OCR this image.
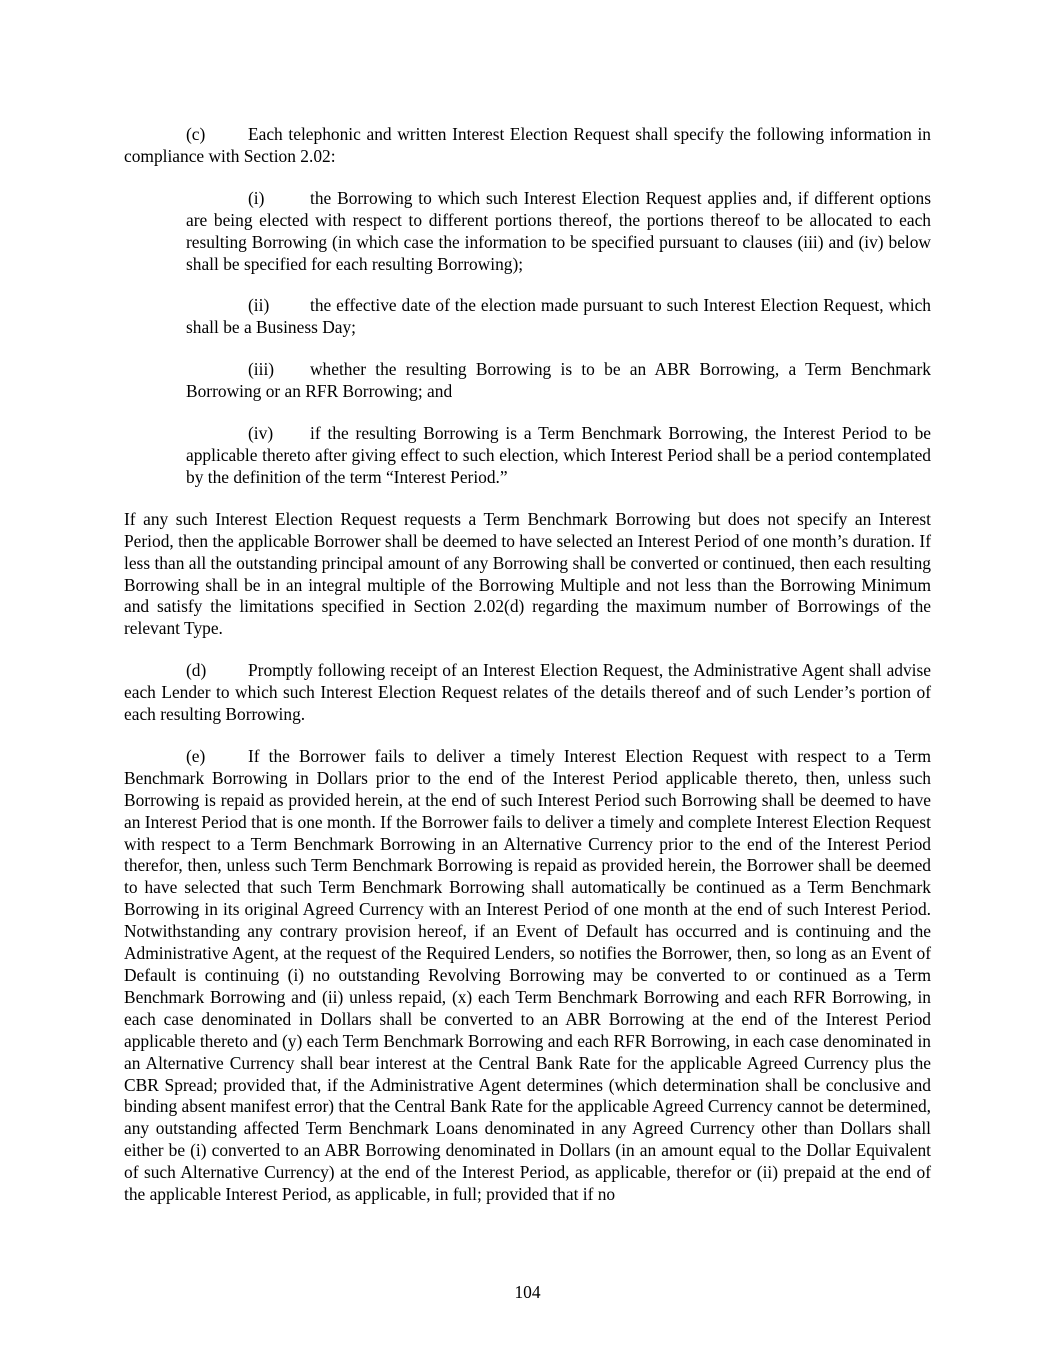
(c) Each telephonic and written Interest Election Request shall specify the following information in compliance with Section 2.02:

(i)	the Borrowing to which such Interest Election Request applies and, if different options are being elected with respect to different portions thereof, the portions thereof to be allocated to each resulting Borrowing (in which case the information to be specified pursuant to clauses (iii) and (iv) below shall be specified for each resulting Borrowing);

(ii) the effective date of the election made pursuant to such Interest Election Request, which shall be a Business Day;

(iii) whether the resulting Borrowing is to be an ABR Borrowing, a Term Benchmark Borrowing or an RFR Borrowing; and

(iv) if the resulting Borrowing is a Term Benchmark Borrowing, the Interest Period to be applicable thereto after giving effect to such election, which Interest Period shall be a period contemplated by the definition of the term “Interest Period.”

If any such Interest Election Request requests a Term Benchmark Borrowing but does not specify an Interest Period, then the applicable Borrower shall be deemed to have selected an Interest Period of one month’s duration. If less than all the outstanding principal amount of any Borrowing shall be converted or continued, then each resulting Borrowing shall be in an integral multiple of the Borrowing Multiple and not less than the Borrowing Minimum and satisfy the limitations specified in Section 2.02(d) regarding the maximum number of Borrowings of the relevant Type.

(d) Promptly following receipt of an Interest Election Request, the Administrative Agent shall advise each Lender to which such Interest Election Request relates of the details thereof and of such Lender’s portion of each resulting Borrowing.

(e) If the Borrower fails to deliver a timely Interest Election Request with respect to a Term Benchmark Borrowing in Dollars prior to the end of the Interest Period applicable thereto, then, unless such Borrowing is repaid as provided herein, at the end of such Interest Period such Borrowing shall be deemed to have an Interest Period that is one month. If the Borrower fails to deliver a timely and complete Interest Election Request with respect to a Term Benchmark Borrowing in an Alternative Currency prior to the end of the Interest Period therefor, then, unless such Term Benchmark Borrowing is repaid as provided herein, the Borrower shall be deemed to have selected that such Term Benchmark Borrowing shall automatically be continued as a Term Benchmark Borrowing in its original Agreed Currency with an Interest Period of one month at the end of such Interest Period. Notwithstanding any contrary provision hereof, if an Event of Default has occurred and is continuing and the Administrative Agent, at the request of the Required Lenders, so notifies the Borrower, then, so long as an Event of Default is continuing (i) no outstanding Revolving Borrowing may be converted to or continued as a Term Benchmark Borrowing and (ii) unless repaid, (x) each Term Benchmark Borrowing and each RFR Borrowing, in each case denominated in Dollars shall be converted to an ABR Borrowing at the end of the Interest Period applicable thereto and (y) each Term Benchmark Borrowing and each RFR Borrowing, in each case denominated in an Alternative Currency shall bear interest at the Central Bank Rate for the applicable Agreed Currency plus the CBR Spread; provided that, if the Administrative Agent determines (which determination shall be conclusive and binding absent manifest error) that the Central Bank Rate for the applicable Agreed Currency cannot be determined, any outstanding affected Term Benchmark Loans denominated in any Agreed Currency other than Dollars shall either be (i) converted to an ABR Borrowing denominated in Dollars (in an amount equal to the Dollar Equivalent of such Alternative Currency) at the end of the Interest Period, as applicable, therefor or (ii) prepaid at the end of the applicable Interest Period, as applicable, in full; provided that if no

104
